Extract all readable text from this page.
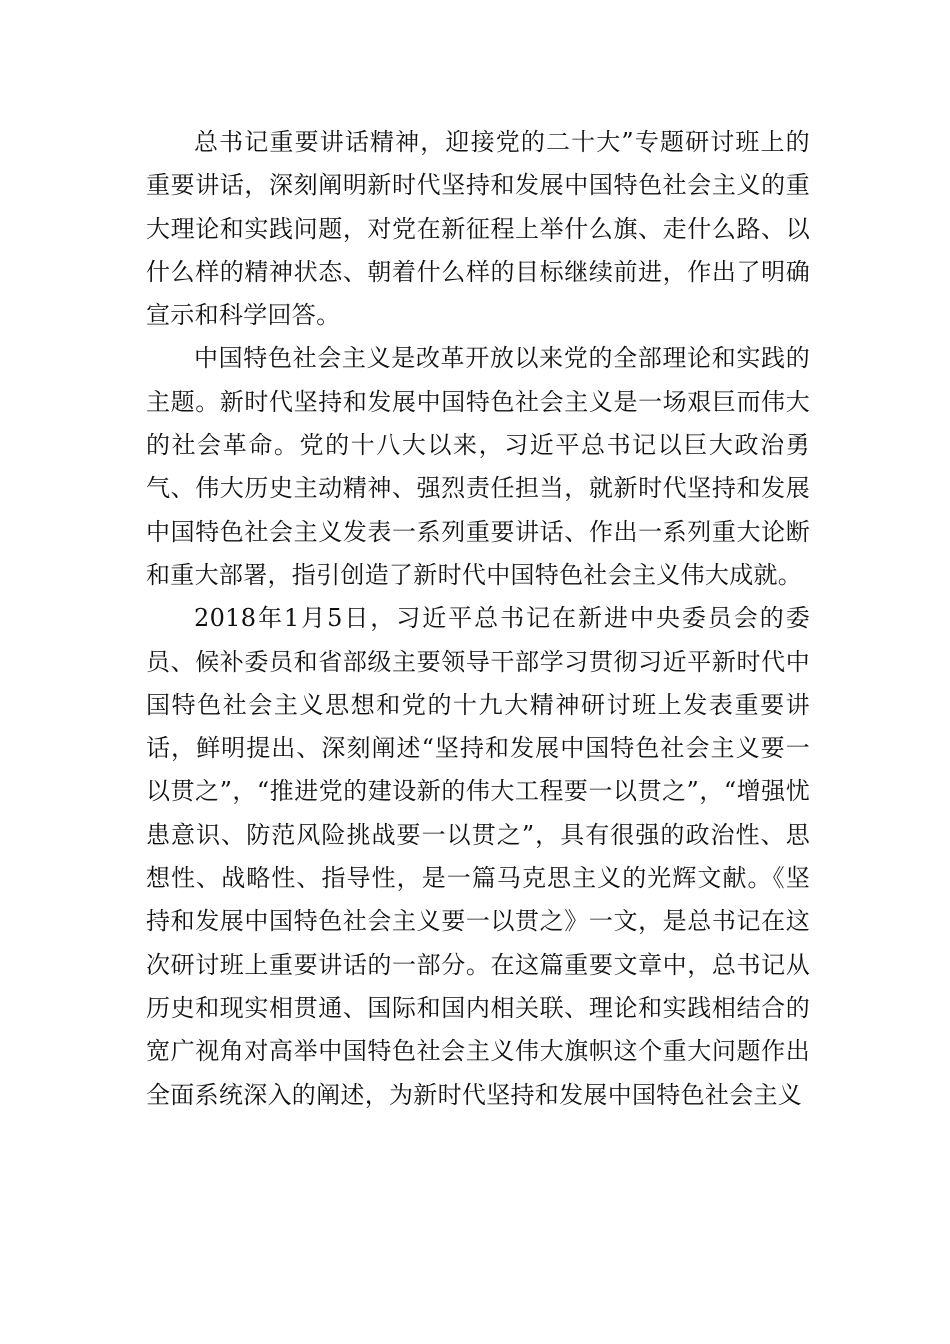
总书记重要讲话精神，迎接党的二十大”专题研讨班上的重要讲话，深刻阐明新时代坚持和发展中国特色社会主义的重大理论和实践问题，对党在新征程上举什么旗、走什么路、以什么样的精神状态、朝着什么样的目标继续前进，作出了明确宣示和科学回答。

中国特色社会主义是改革开放以来党的全部理论和实践的主题。新时代坚持和发展中国特色社会主义是一场艰巨而伟大的社会革命。党的十八大以来，习近平总书记以巨大政治勇气、伟大历史主动精神、强烈责任担当，就新时代坚持和发展中国特色社会主义发表一系列重要讲话、作出一系列重大论断和重大部署，指引创造了新时代中国特色社会主义伟大成就。

2018年1月5日，习近平总书记在新进中央委员会的委员、候补委员和省部级主要领导干部学习贯彻习近平新时代中国特色社会主义思想和党的十九大精神研讨班上发表重要讲话，鲜明提出、深刻阐述“坚持和发展中国特色社会主义要一以贯之”，“推进党的建设新的伟大工程要一以贯之”，“增强忧患意识、防范风险挑战要一以贯之”，具有很强的政治性、思想性、战略性、指导性，是一篇马克思主义的光辉文献。《坚持和发展中国特色社会主义要一以贯之》一文，是总书记在这次研讨班上重要讲话的一部分。在这篇重要文章中，总书记从历史和现实相贯通、国际和国内相关联、理论和实践相结合的宽广视角对高举中国特色社会主义伟大旗帜这个重大问题作出全面系统深入的阐述，为新时代坚持和发展中国特色社会主义
